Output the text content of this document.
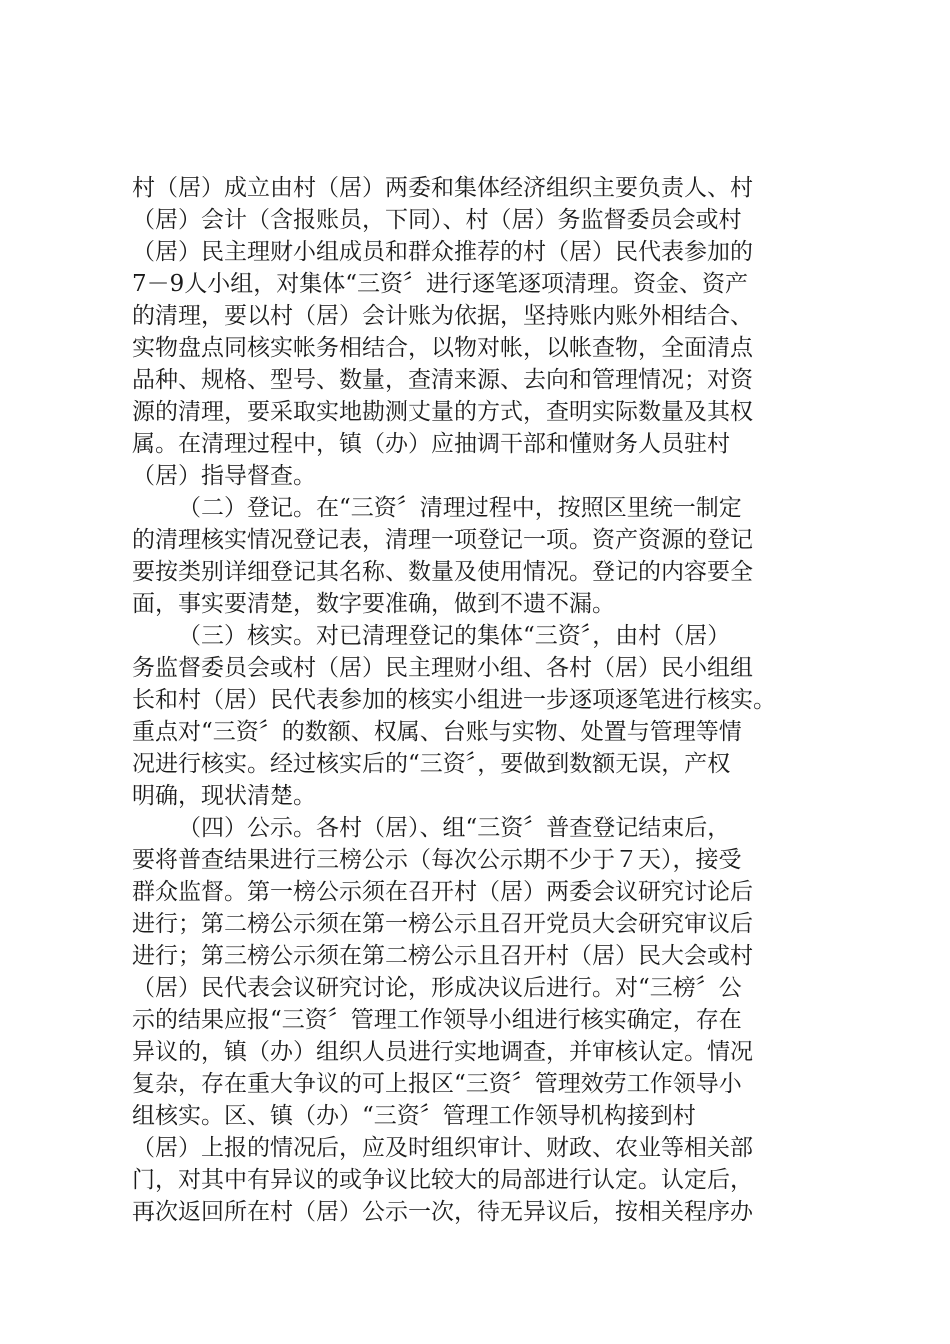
村（居）成立由村（居）两委和集体经济组织主要负责人、村
（居）会计（含报账员，下同）、村（居）务监督委员会或村
（居）民主理财小组成员和群众推荐的村（居）民代表参加的
7－9人小组，对集体“三资〞进行逐笔逐项清理。资金、资产
的清理，要以村（居）会计账为依据，坚持账内账外相结合、
实物盘点同核实帐务相结合，以物对帐，以帐查物，全面清点
品种、规格、型号、数量，查清来源、去向和管理情况；对资
源的清理，要采取实地勘测丈量的方式，查明实际数量及其权
属。在清理过程中，镇（办）应抽调干部和懂财务人员驻村
（居）指导督查。
（二）登记。在“三资〞清理过程中，按照区里统一制定
的清理核实情况登记表，清理一项登记一项。资产资源的登记
要按类别详细登记其名称、数量及使用情况。登记的内容要全
面，事实要清楚，数字要准确，做到不遗不漏。
（三）核实。对已清理登记的集体“三资〞，由村（居）
务监督委员会或村（居）民主理财小组、各村（居）民小组组
长和村（居）民代表参加的核实小组进一步逐项逐笔进行核实。
重点对“三资〞的数额、权属、台账与实物、处置与管理等情
况进行核实。经过核实后的“三资〞，要做到数额无误，产权
明确，现状清楚。
（四）公示。各村（居）、组“三资〞普查登记结束后，
要将普查结果进行三榜公示（每次公示期不少于７天），接受
群众监督。第一榜公示须在召开村（居）两委会议研究讨论后
进行；第二榜公示须在第一榜公示且召开党员大会研究审议后
进行；第三榜公示须在第二榜公示且召开村（居）民大会或村
（居）民代表会议研究讨论，形成决议后进行。对“三榜〞公
示的结果应报“三资〞管理工作领导小组进行核实确定，存在
异议的，镇（办）组织人员进行实地调查，并审核认定。情况
复杂，存在重大争议的可上报区“三资〞管理效劳工作领导小
组核实。区、镇（办）“三资〞管理工作领导机构接到村
（居）上报的情况后，应及时组织审计、财政、农业等相关部
门，对其中有异议的或争议比较大的局部进行认定。认定后，
再次返回所在村（居）公示一次，待无异议后，按相关程序办
